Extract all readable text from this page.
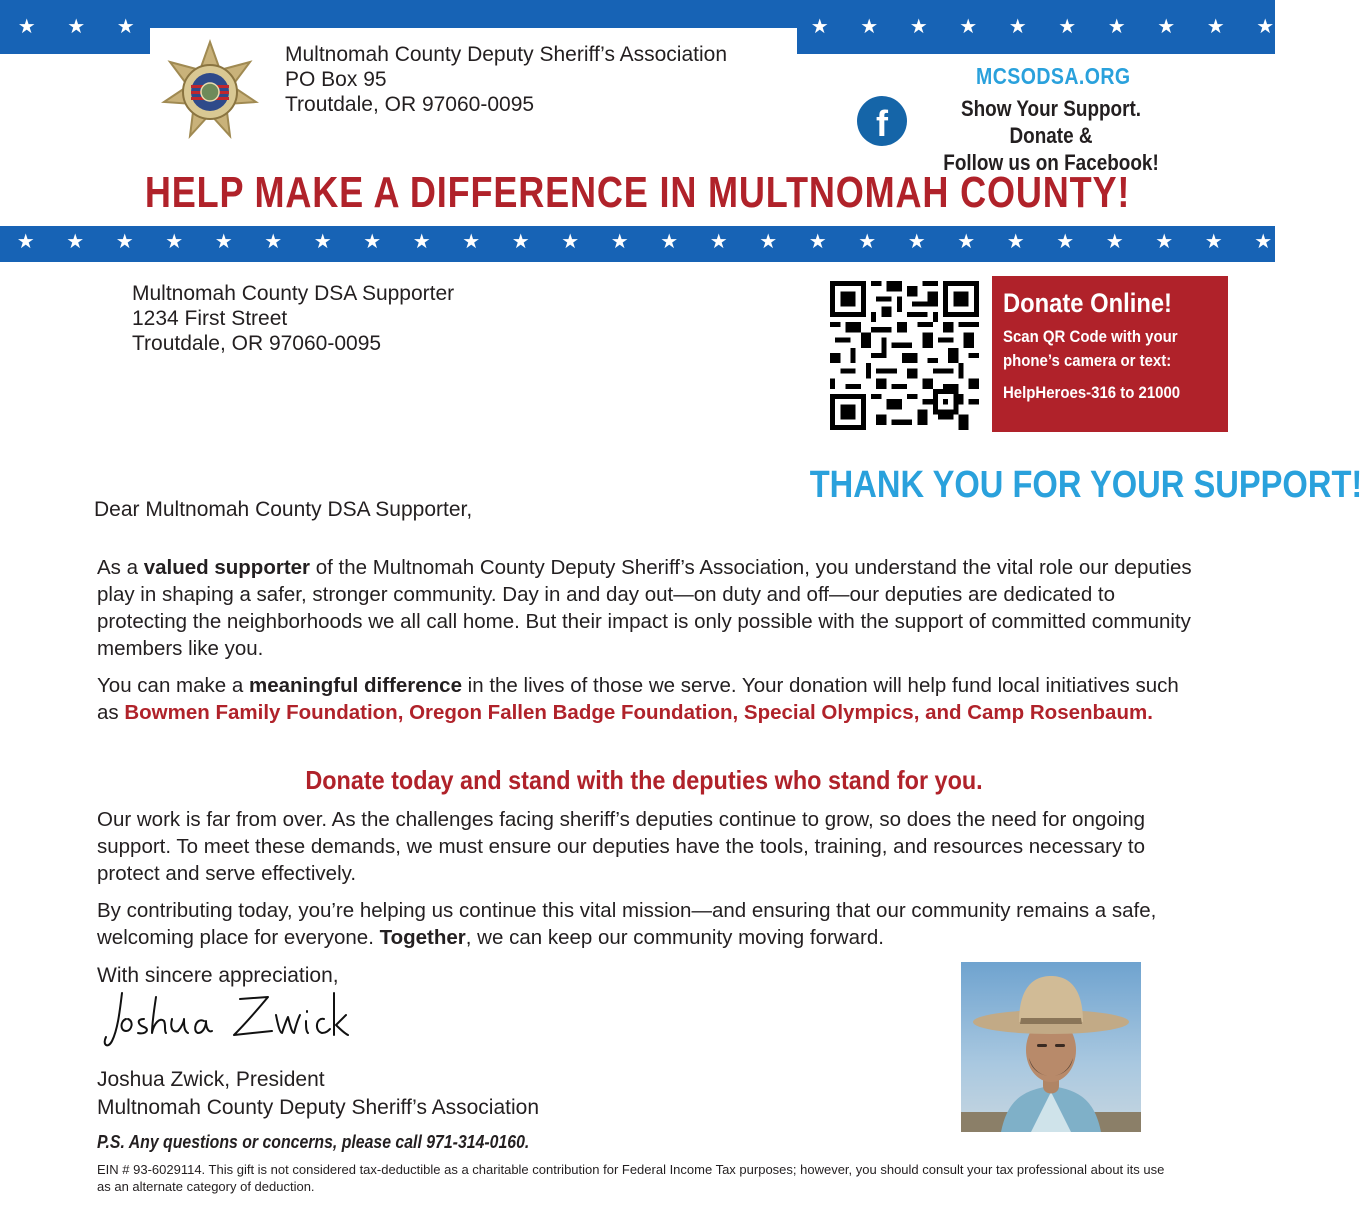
★	★	★	★	★	★	★	★	★	★	★	★	★
Multnomah County Deputy Sheriff’s Association
PO Box 95
Troutdale, OR 97060-0095
MCSODSA.ORG
f	Show Your Support. Donate &
Follow us on Facebook!
HELP MAKE A DIFFERENCE IN MULTNOMAH COUNTY!
★	★	★	★	★	★	★	★	★	★	★	★	★	★	★	★	★	★	★	★	★	★	★	★	★	★
Multnomah County DSA Supporter
1234 First Street
Troutdale, OR 97060-0095
Donate Online!
Scan QR Code with your
phone’s camera or text:
HelpHeroes-316 to 21000
THANK YOU FOR YOUR SUPPORT!
Dear Multnomah County DSA Supporter,

As a valued supporter of the Multnomah County Deputy Sheriff’s Association, you understand the vital role our deputies play in shaping a safer, stronger community. Day in and day out—on duty and off—our deputies are dedicated to protecting the neighborhoods we all call home. But their impact is only possible with the support of committed community members like you.

You can make a meaningful difference in the lives of those we serve. Your donation will help fund local initiatives such as Bowmen Family Foundation, Oregon Fallen Badge Foundation, Special Olympics, and Camp Rosenbaum.

Donate today and stand with the deputies who stand for you.

Our work is far from over. As the challenges facing sheriff’s deputies continue to grow, so does the need for ongoing support. To meet these demands, we must ensure our deputies have the tools, training, and resources necessary to protect and serve effectively.

By contributing today, you’re helping us continue this vital mission—and ensuring that our community remains a safe, welcoming place for everyone. Together, we can keep our community moving forward.

With sincere appreciation,
Joshua Zwick, President
Multnomah County Deputy Sheriff’s Association
P.S. Any questions or concerns, please call 971-314-0160.
EIN # 93-6029114. This gift is not considered tax-deductible as a charitable contribution for Federal Income Tax purposes; however, you should consult your tax professional about its use as an alternate category of deduction.
